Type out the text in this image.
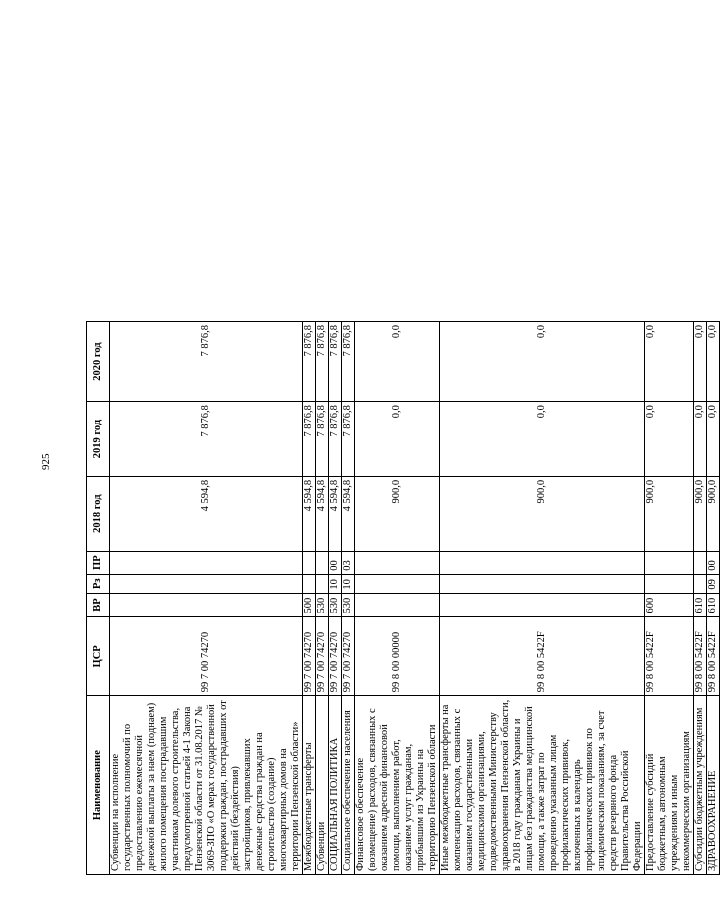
925
Наименование	ЦСР	ВР	Рз	ПР	2018 год	2019 год	2020 год
Субвенции на исполнение государственных полномочий по предоставлению ежемесячной денежной выплаты за наем (поднаем) жилого помещения пострадавшим участникам долевого строительства, предусмотренной статьей 4-1 Закона Пензенской области от 31.08.2017 № 3069-ЗПО «О мерах государственной поддержки граждан, пострадавших от действий (бездействия) застройщиков, привлекавших денежные средства граждан на строительство (создание) многоквартирных домов на территории Пензенской области»	99 7 00 74270				4 594,8	7 876,8	7 876,8
Межбюджетные трансферты	99 7 00 74270	500			4 594,8	7 876,8	7 876,8
Субвенции	99 7 00 74270	530			4 594,8	7 876,8	7 876,8
СОЦИАЛЬНАЯ ПОЛИТИКА	99 7 00 74270	530	10	00	4 594,8	7 876,8	7 876,8
Социальное обеспечение населения	99 7 00 74270	530	10	03	4 594,8	7 876,8	7 876,8
Финансовое обеспечение (возмещение) расходов, связанных с оказанием адресной финансовой помощи, выполнением работ, оказанием услуг гражданам, прибывшим из Украины на территорию Пензенской области	99 8 00 00000				900,0	0,0	0,0
Иные межбюджетные трансферты на компенсацию расходов, связанных с оказанием государственными медицинскими организациями, подведомственными Министерству здравоохранения Пензенской области, в 2018 году гражданам Украины и лицам без гражданства медицинской помощи, а также затрат по проведению указанным лицам профилактических прививок, включенных в календарь профилактических прививок по эпидемическим показаниям, за счет средств резервного фонда Правительства Российской Федерации	99 8 00 5422F				900,0	0,0	0,0
Предоставление субсидий бюджетным, автономным учреждениям и иным некоммерческим организациям	99 8 00 5422F	600			900,0	0,0	0,0
Субсидии бюджетным учреждениям	99 8 00 5422F	610			900,0	0,0	0,0
ЗДРАВООХРАНЕНИЕ	99 8 00 5422F	610	09	00	900,0	0,0	0,0
